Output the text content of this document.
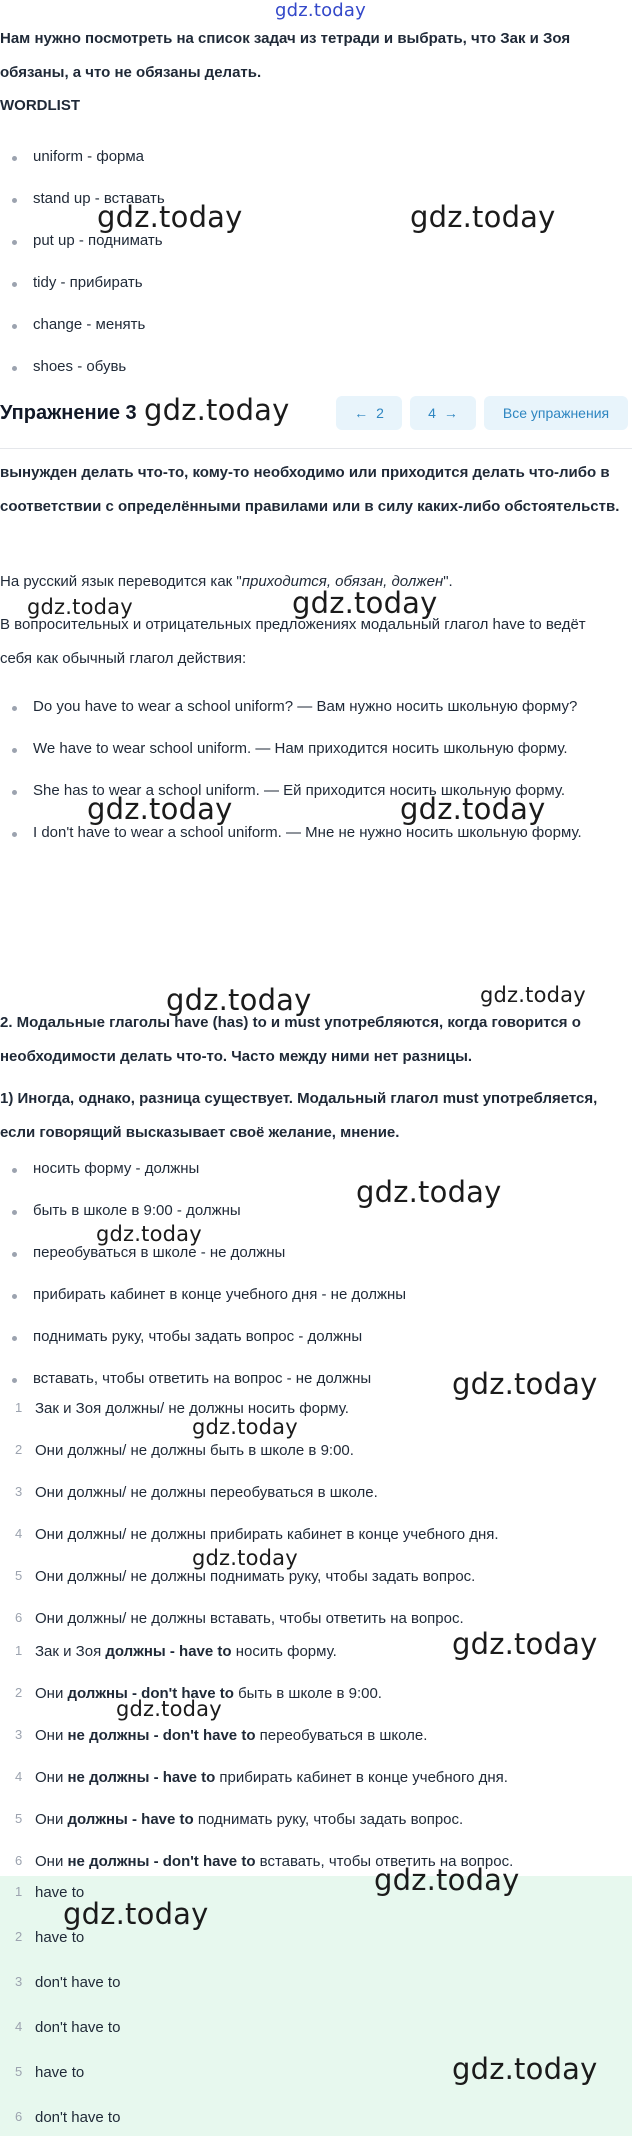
gdz.today

Нам нужно посмотреть на список задач из тетради и выбрать, что Зак и Зоя обязаны, а что не обязаны делать.

WORDLIST
uniform - форма
stand up - вставать
put up - поднимать
tidy - прибирать
change - менять
shoes - обувь
Упражнение 3	← 2	4 →	Все упражнения

вынужден делать что-то, кому-то необходимо или приходится делать что-либо в соответствии с определёнными правилами или в силу каких-либо обстоятельств.

На русский язык переводится как "приходится, обязан, должен".

В вопросительных и отрицательных предложениях модальный глагол have to ведёт себя как обычный глагол действия:

Do you have to wear a school uniform? — Вам нужно носить школьную форму?
We have to wear school uniform. — Нам приходится носить школьную форму.
She has to wear a school uniform. — Ей приходится носить школьную форму.
I don't have to wear a school uniform. — Мне не нужно носить школьную форму.

2. Модальные глаголы have (has) to и must употребляются, когда говорится о необходимости делать что-то. Часто между ними нет разницы.

1) Иногда, однако, разница существует. Модальный глагол must употребляется, если говорящий высказывает своё желание, мнение.

носить форму - должны
быть в школе в 9:00 - должны
переобуваться в школе - не должны
прибирать кабинет в конце учебного дня - не должны
поднимать руку, чтобы задать вопрос - должны
вставать, чтобы ответить на вопрос - не должны
1 Зак и Зоя должны/ не должны носить форму.
2 Они должны/ не должны быть в школе в 9:00.
3 Они должны/ не должны переобуваться в школе.
4 Они должны/ не должны прибирать кабинет в конце учебного дня.
5 Они должны/ не должны поднимать руку, чтобы задать вопрос.
6 Они должны/ не должны вставать, чтобы ответить на вопрос.
1 Зак и Зоя должны - have to носить форму.
2 Они должны - don't have to быть в школе в 9:00.
3 Они не должны - don't have to переобуваться в школе.
4 Они не должны - have to прибирать кабинет в конце учебного дня.
5 Они должны - have to поднимать руку, чтобы задать вопрос.
6 Они не должны - don't have to вставать, чтобы ответить на вопрос.
1 have to
2 have to
3 don't have to
4 don't have to
5 have to
6 don't have to
gdz.today	gdz.today
gdz.today
gdz.today	gdz.today
gdz.today	gdz.today
gdz.today	gdz.today
gdz.today
gdz.today
gdz.today
gdz.today
gdz.today
gdz.today
gdz.today
gdz.today
gdz.today
gdz.today
